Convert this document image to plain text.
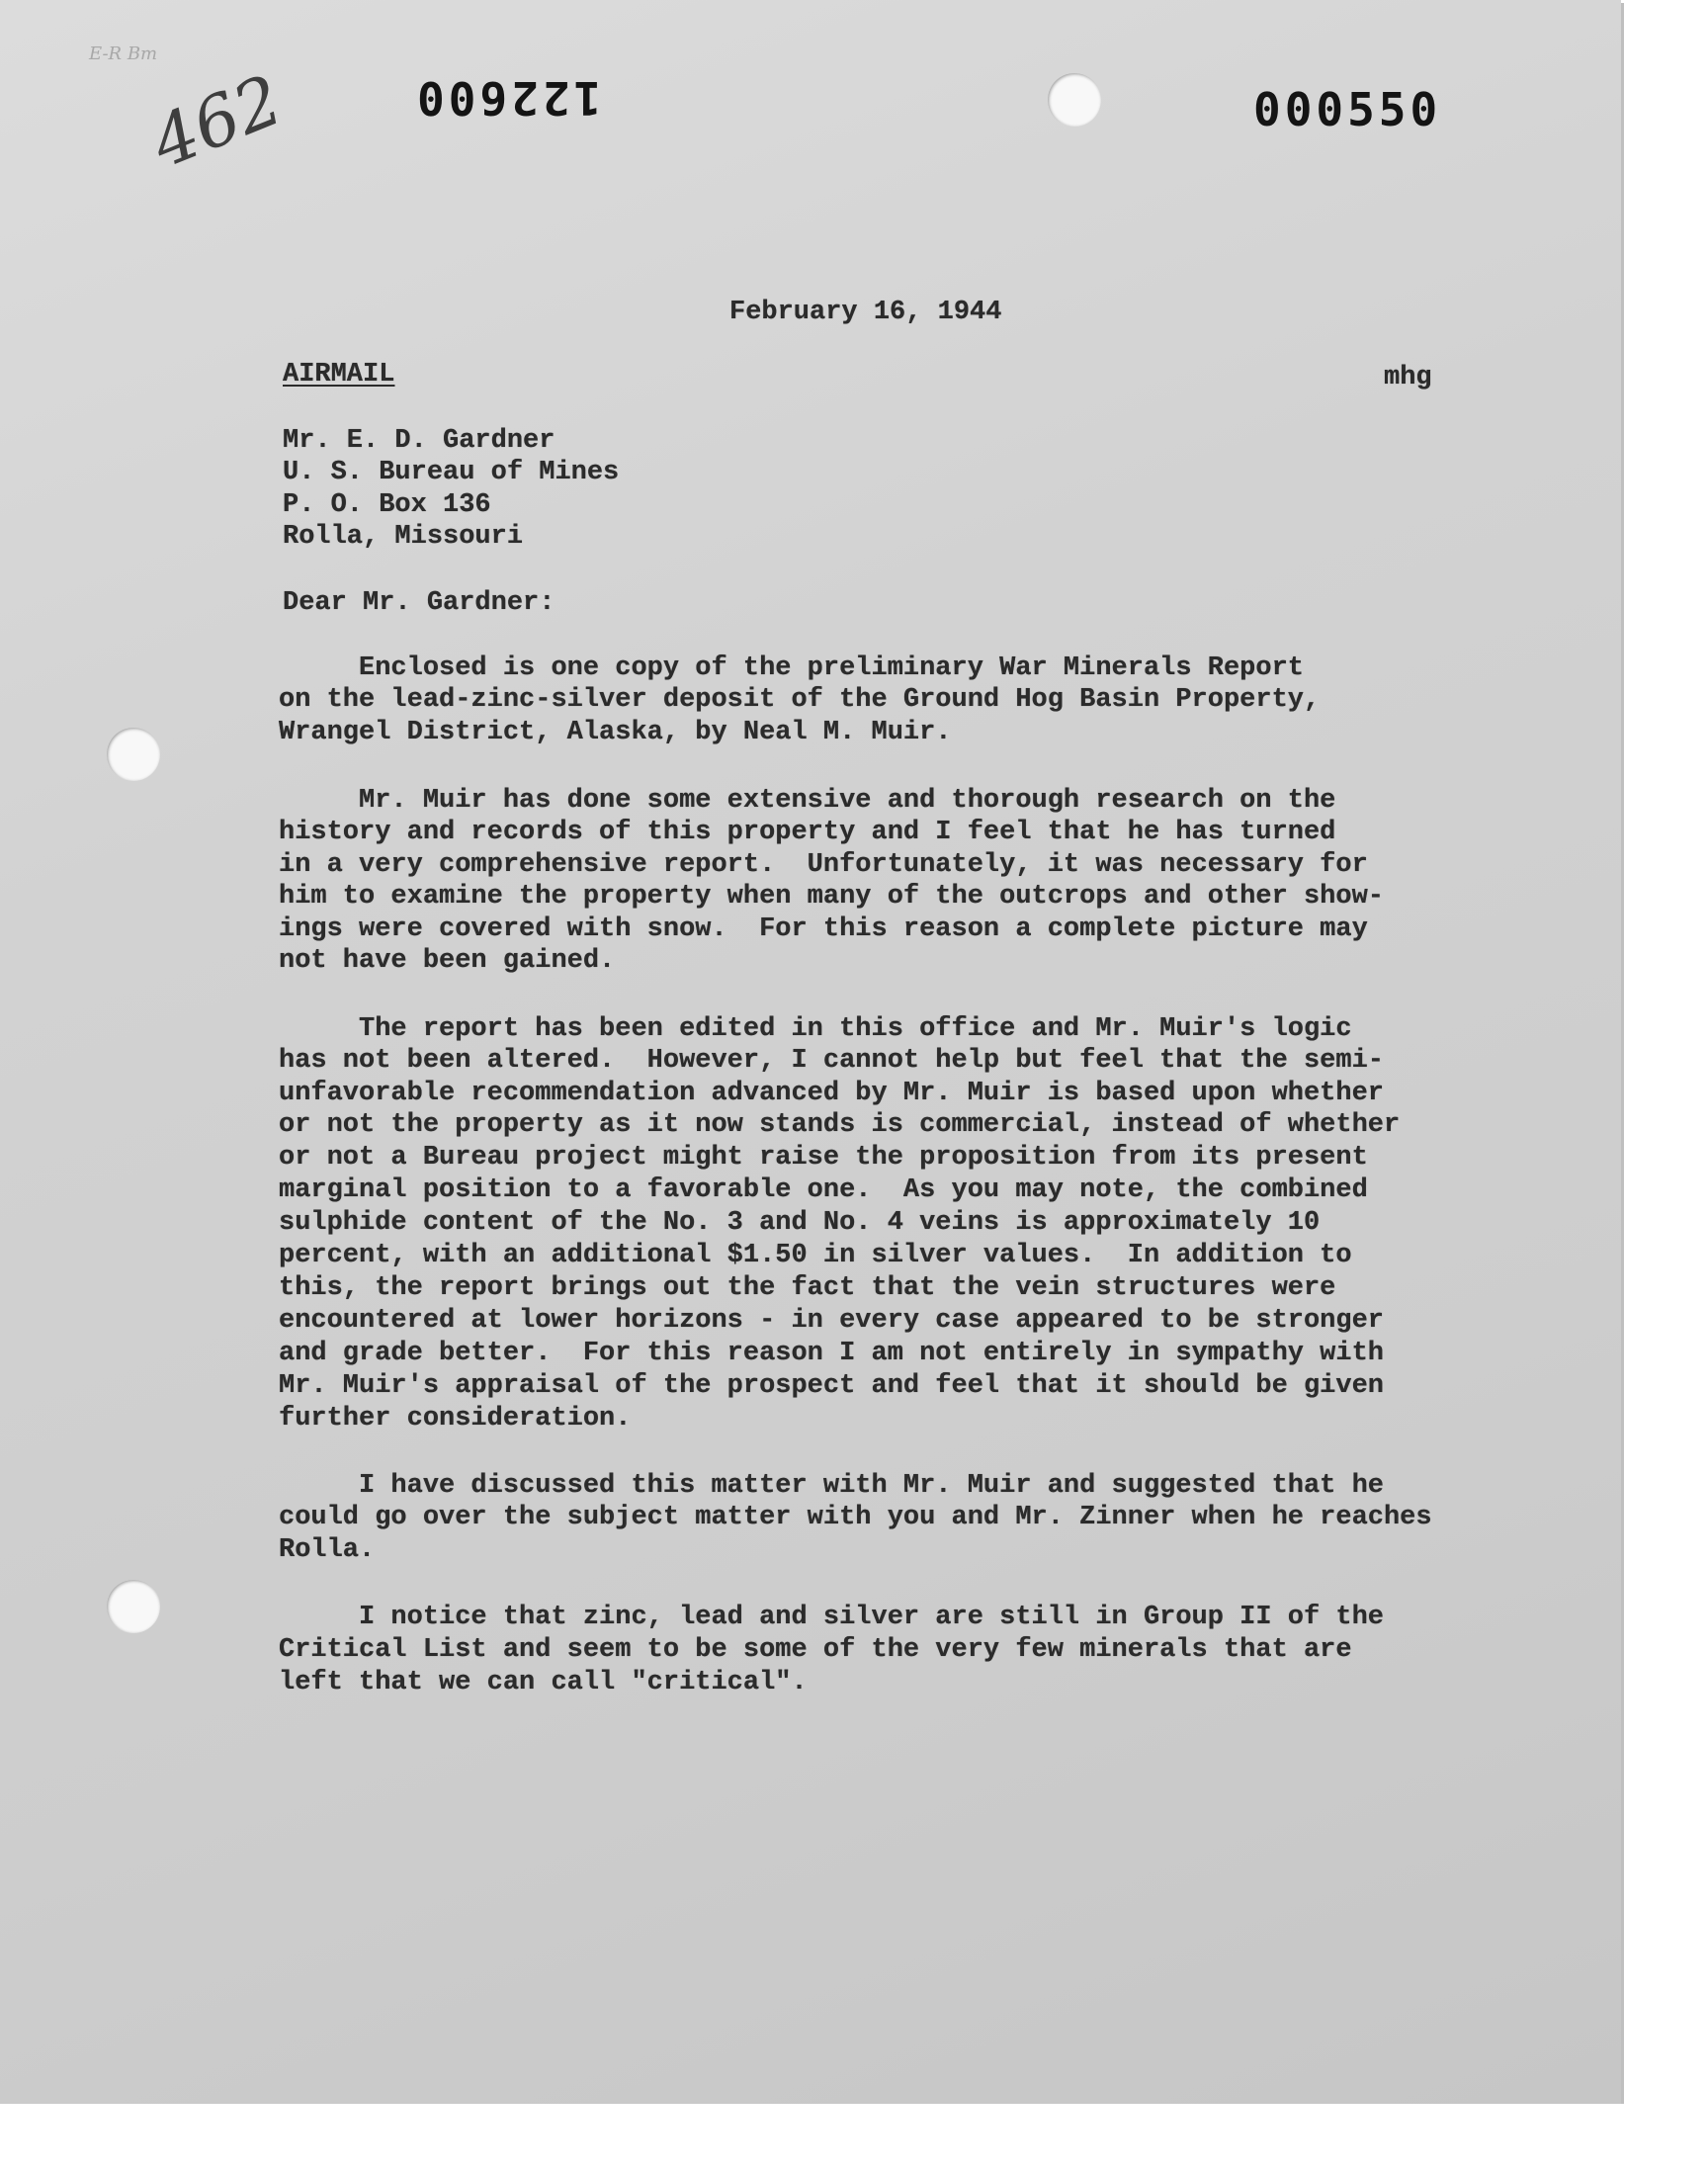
E-R Bm
462	122600	000550
February 16, 1944
AIRMAIL	mhg
Mr. E. D. Gardner
U. S. Bureau of Mines
P. O. Box 136
Rolla, Missouri
Dear Mr. Gardner:
Enclosed is one copy of the preliminary War Minerals Report
on the lead-zinc-silver deposit of the Ground Hog Basin Property,
Wrangel District, Alaska, by Neal M. Muir.
Mr. Muir has done some extensive and thorough research on the
history and records of this property and I feel that he has turned
in a very comprehensive report.  Unfortunately, it was necessary for
him to examine the property when many of the outcrops and other show-
ings were covered with snow.  For this reason a complete picture may
not have been gained.
The report has been edited in this office and Mr. Muir's logic
has not been altered.  However, I cannot help but feel that the semi-
unfavorable recommendation advanced by Mr. Muir is based upon whether
or not the property as it now stands is commercial, instead of whether
or not a Bureau project might raise the proposition from its present
marginal position to a favorable one.  As you may note, the combined
sulphide content of the No. 3 and No. 4 veins is approximately 10
percent, with an additional $1.50 in silver values.  In addition to
this, the report brings out the fact that the vein structures were
encountered at lower horizons - in every case appeared to be stronger
and grade better.  For this reason I am not entirely in sympathy with
Mr. Muir's appraisal of the prospect and feel that it should be given
further consideration.
I have discussed this matter with Mr. Muir and suggested that he
could go over the subject matter with you and Mr. Zinner when he reaches
Rolla.
I notice that zinc, lead and silver are still in Group II of the
Critical List and seem to be some of the very few minerals that are
left that we can call "critical".
